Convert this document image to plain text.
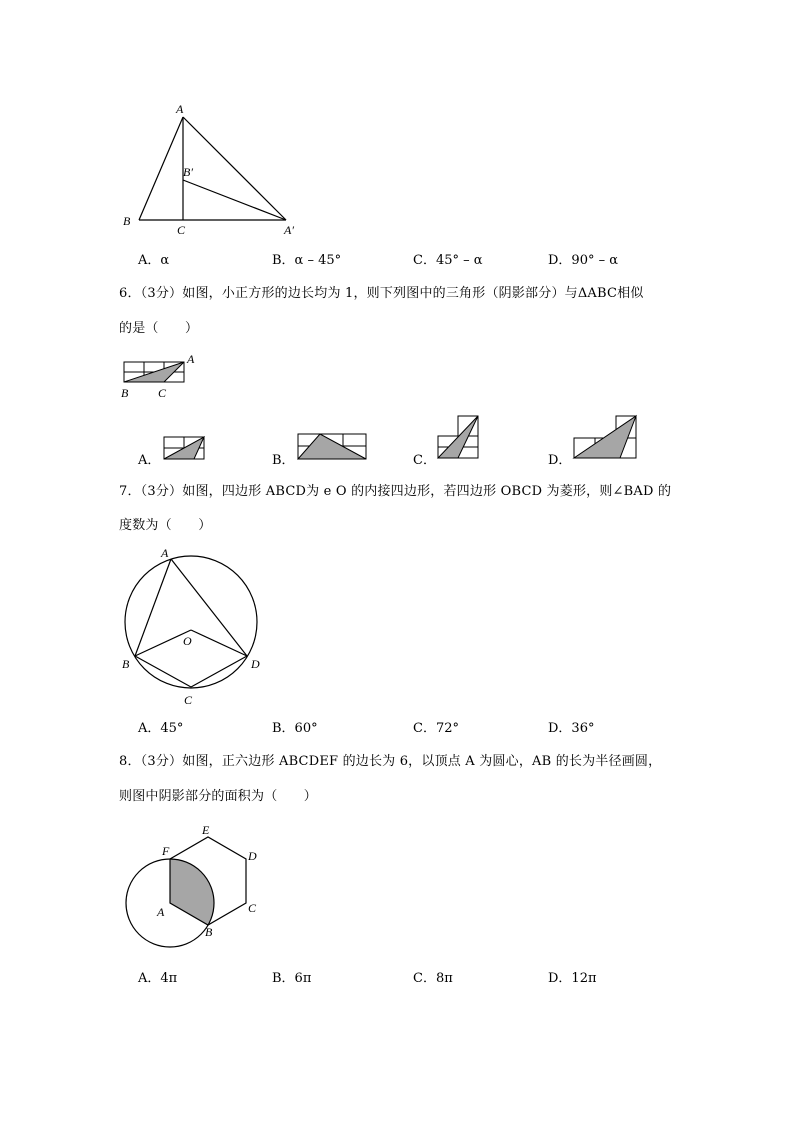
A
B′
B
C	A′
A．α	B．α – 45°	C．45° – α	D．90° – α
6．（3分）如图，小正方形的边长均为 1，则下列图中的三角形（阴影部分）与ΔABC相似
的是（　　）
A
B C
A．	B．	C．	D．
7．（3分）如图，四边形 ABCD为 e O 的内接四边形，若四边形 OBCD 为菱形，则∠BAD 的
度数为（　　）
A
O
B	D
C
A．45°	B．60°	C．72°	D．36°
8．（3分）如图，正六边形 ABCDEF 的边长为 6，以顶点 A 为圆心，AB 的长为半径画圆，
则图中阴影部分的面积为（　　）
E
F	D
A	C
B
A．4π	B．6π	C．8π	D．12π
